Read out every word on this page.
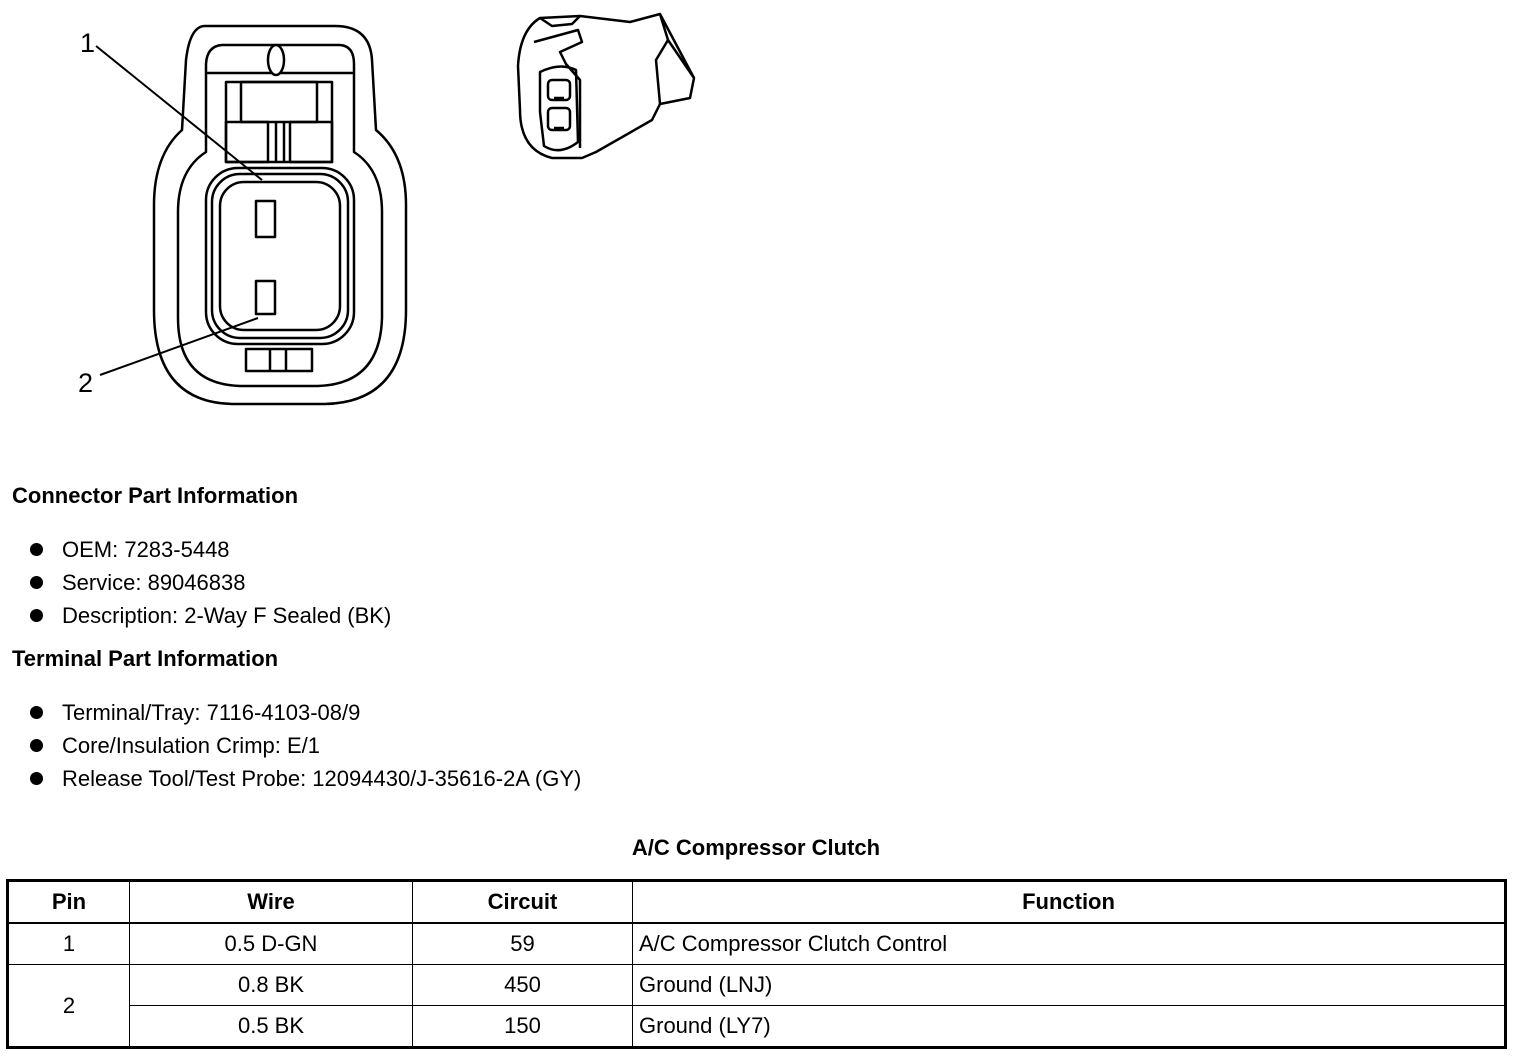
1
2
Connector Part Information
OEM: 7283-5448
Service: 89046838
Description: 2-Way F Sealed (BK)
Terminal Part Information
Terminal/Tray: 7116-4103-08/9
Core/Insulation Crimp: E/1
Release Tool/Test Probe: 12094430/J-35616-2A (GY)
A/C Compressor Clutch
Pin	Wire	Circuit	Function
1	0.5 D-GN	59	A/C Compressor Clutch Control
2	0.8 BK	450	Ground (LNJ)
	0.5 BK	150	Ground (LY7)
